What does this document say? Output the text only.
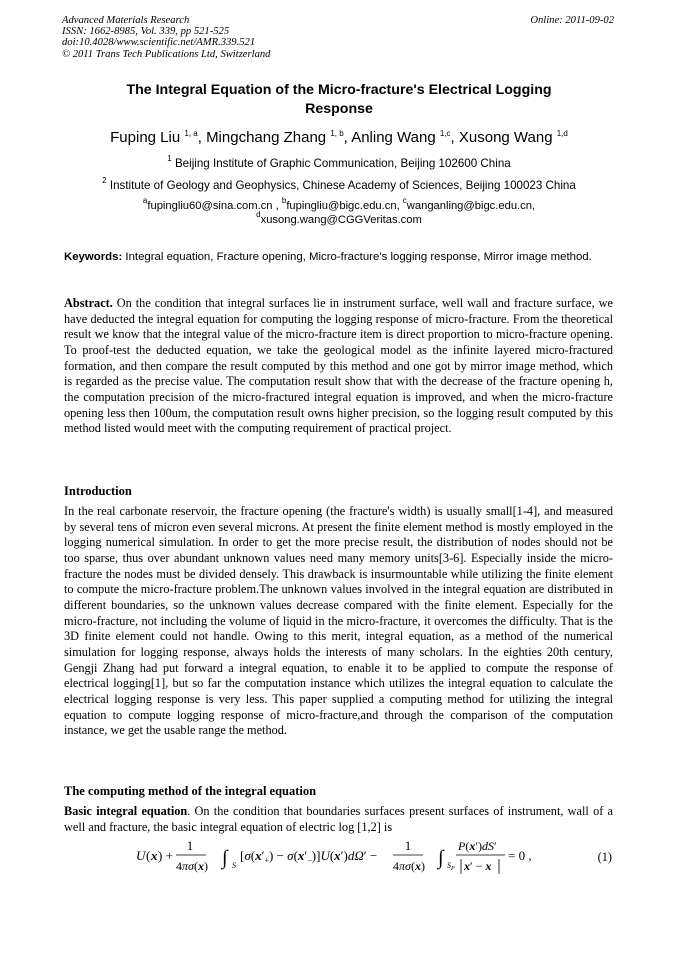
Advanced Materials Research
ISSN: 1662-8985, Vol. 339, pp 521-525
doi:10.4028/www.scientific.net/AMR.339.521
© 2011 Trans Tech Publications Ltd, Switzerland
Online: 2011-09-02
The Integral Equation of the Micro-fracture's Electrical Logging
Response
Fuping Liu $^{1, a}$, Mingchang Zhang $^{1, b}$, Anling Wang $^{1,c}$, Xusong Wang $^{1,d}$
$^1$ Beijing Institute of Graphic Communication, Beijing 102600 China
$^2$ Institute of Geology and Geophysics, Chinese Academy of Sciences, Beijing 100023 China
$^a$fupingliu60@sina.com.cn , $^b$fupingliu@bigc.edu.cn, $^c$wanganling@bigc.edu.cn,
$^d$xusong.wang@CGGVeritas.com
Keywords: Integral equation, Fracture opening, Micro-fracture’s logging response, Mirror image method.
Abstract. On the condition that integral surfaces lie in instrument surface, well wall and fracture surface, we have deducted the integral equation for computing the logging response of micro-fracture. From the theoretical result we know that the integral value of the micro-fracture item is direct proportion to micro-fracture opening. To proof-test the deducted equation, we take the geological model as the infinite layered micro-fractured formation, and then compare the result computed by this method and one got by mirror image method, which is regarded as the precise value. The computation result show that with the decrease of the fracture opening h, the computation precision of the micro-fractured integral equation is improved, and when the micro-fracture opening less then 100um, the computation result owns higher precision, so the logging result computed by this method listed would meet with the computing requirement of practical project.
Introduction
In the real carbonate reservoir, the fracture opening (the fracture's width) is usually small[1-4], and measured by several tens of micron even several microns. At present the finite element method is mostly employed in the logging numerical simulation. In order to get the more precise result, the distribution of nodes should not be too sparse, thus over abundant unknown values need many memory units[3-6]. Especially inside the micro-fracture the nodes must be divided densely. This drawback is insurmountable while utilizing the finite element to compute the micro-fracture problem.The unknown values involved in the integral equation are distributed in different boundaries, so the unknown values decrease compared with the finite element. Especially for the micro-fracture, not including the volume of liquid in the micro-fracture, it overcomes the difficulty. That is the 3D finite element could not handle. Owing to this merit, integral equation, as a method of the numerical simulation for logging response, always holds the interests of many scholars. In the eighties 20th century, Gengji Zhang had put forward a integral equation, to enable it to be applied to compute the response of electrical logging[1], but so far the computation instance which utilizes the integral equation to calculate the electrical logging response is very less. This paper supplied a computing method for utilizing the integral equation to compute logging response of micro-fracture,and through the comparison of the computation instance, we get the usable range the method.
The computing method of the integral equation
Basic integral equation. On the condition that boundaries surfaces present surfaces of instrument, wall of a well and fracture, the basic integral equation of electric log [1,2] is
U ( x ) +
1
4πσ(x) ∫ S
$[\sigma(x'_+) - \sigma(x'_-)]U(x')d\Omega'$ −
1
4πσ(x) ∫ $S_P$
P(x′)dS′
x′ − x
= 0 ,	(1)
